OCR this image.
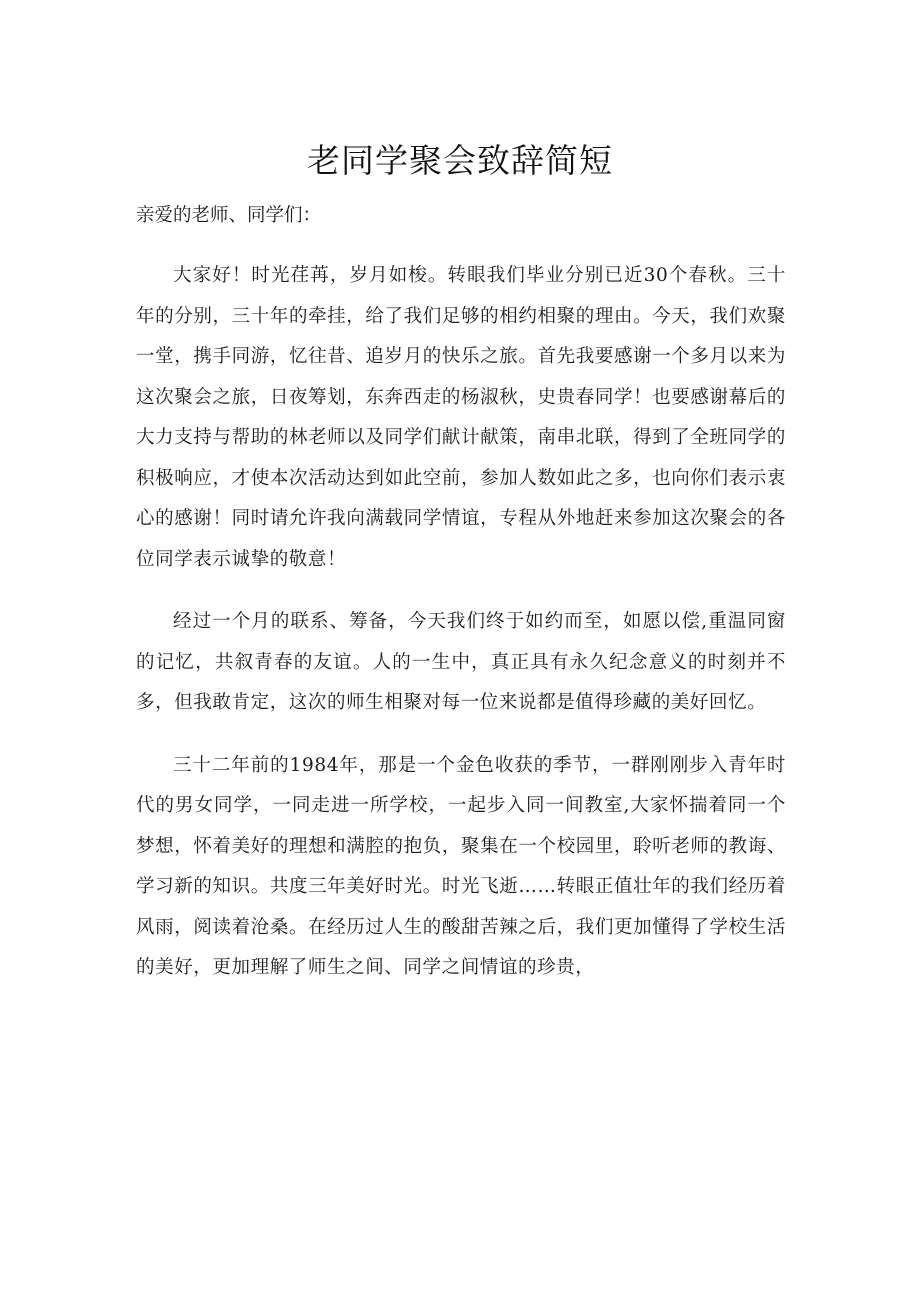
老同学聚会致辞简短

亲爱的老师、同学们：

大家好！时光荏苒，岁月如梭。转眼我们毕业分别已近30个春秋。三十年的分别，三十年的牵挂，给了我们足够的相约相聚的理由。今天，我们欢聚一堂，携手同游，忆往昔、追岁月的快乐之旅。首先我要感谢一个多月以来为这次聚会之旅，日夜筹划，东奔西走的杨淑秋，史贵春同学！也要感谢幕后的大力支持与帮助的林老师以及同学们献计献策，南串北联，得到了全班同学的积极响应，才使本次活动达到如此空前，参加人数如此之多，也向你们表示衷心的感谢！同时请允许我向满载同学情谊，专程从外地赶来参加这次聚会的各位同学表示诚挚的敬意！

经过一个月的联系、筹备，今天我们终于如约而至，如愿以偿,重温同窗的记忆，共叙青春的友谊。人的一生中，真正具有永久纪念意义的时刻并不多，但我敢肯定，这次的师生相聚对每一位来说都是值得珍藏的美好回忆。

三十二年前的1984年，那是一个金色收获的季节，一群刚刚步入青年时代的男女同学，一同走进一所学校，一起步入同一间教室,大家怀揣着同一个梦想，怀着美好的理想和满腔的抱负，聚集在一个校园里，聆听老师的教诲、学习新的知识。共度三年美好时光。时光飞逝……转眼正值壮年的我们经历着风雨，阅读着沧桑。在经历过人生的酸甜苦辣之后，我们更加懂得了学校生活的美好，更加理解了师生之间、同学之间情谊的珍贵，
